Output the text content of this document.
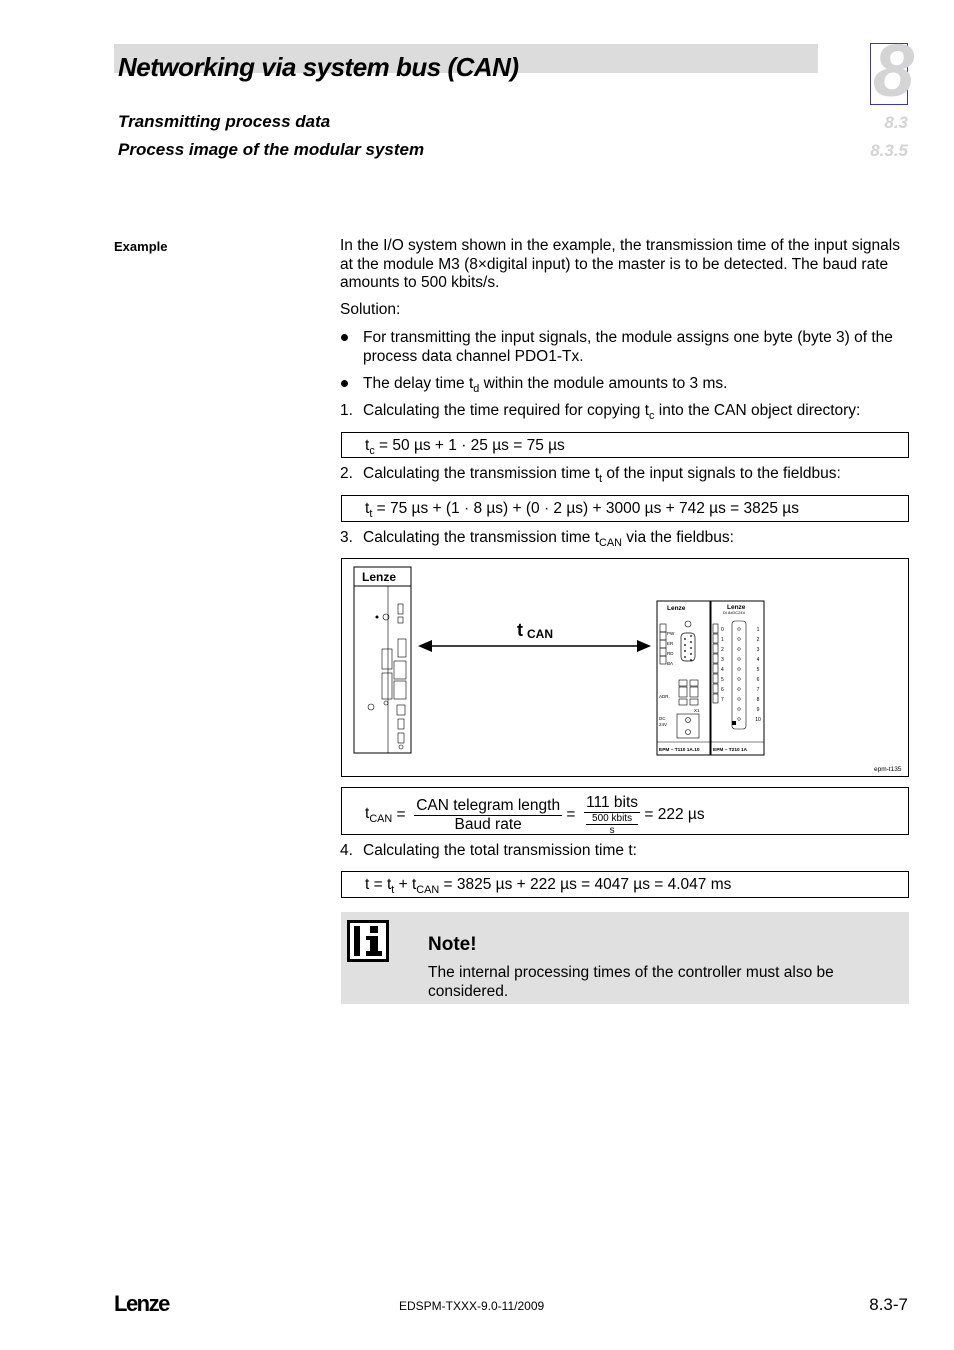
Networking via system bus (CAN)	8
8.3
8.3.5
Transmitting process data
Process image of the modular system
Example	In the I/O system shown in the example, the transmission time of the input signals at the module M3 (8×digital input) to the master is to be detected. The baud rate amounts to 500 kbits/s.
Solution:
For transmitting the input signals, the module assigns one byte (byte 3) of the process data channel PDO1-Tx.
The delay time $t_d$ within the module amounts to 3 ms.
1. Calculating the time required for copying $t_c$ into the CAN object directory:
$t_c = 50$ µs + 1 · 25 µs = 75 µs
2. Calculating the transmission time $t_t$ of the input signals to the fieldbus:
$t_t = 75$ µs + (1 · 8 µs) + (0 · 2 µs) + 3000 µs + 742 µs = 3825 µs
3. Calculating the transmission time $t_{CAN}$ via the fieldbus:
Lenze
t CAN
Lenze
PW
ER
RD
BA
ADR.
X1
DC
24V
EPM – T110 1A.10
Lenze
DI 8xDC24V
0
1
2
3
4
5
6
7
1
2
3
4
5
6
7
8
9
10
EPM – T210 1A
epm-t135
$t_{CAN} = \frac{\text{CAN telegram length}}{\text{Baud rate}} = 111$ bits
500 kbits
s = 222 µs
4. Calculating the total transmission time t:
$t = t_t + t_{CAN} = 3825$ µs + 222 µs = 4047 µs = 4.047 ms
Note!
The internal processing times of the controller must also be considered.
Lenze	EDSPM-TXXX-9.0-11/2009	8.3-7
